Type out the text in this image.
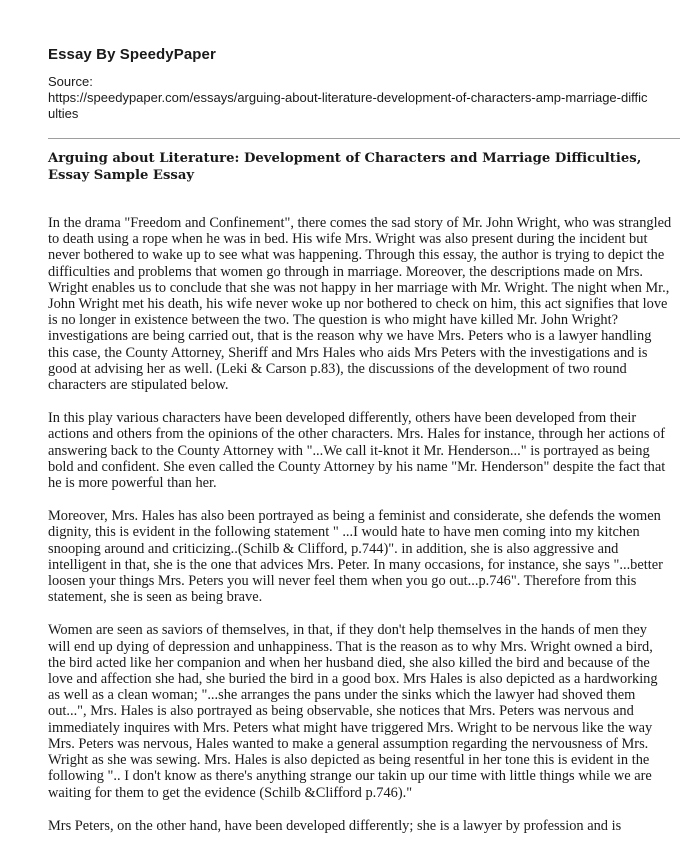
Essay By SpeedyPaper
Source:
https://speedypaper.com/essays/arguing-about-literature-development-of-characters-amp-marriage-difficulties
Arguing about Literature: Development of Characters and Marriage Difficulties, Essay Sample Essay

In the drama "Freedom and Confinement", there comes the sad story of Mr. John Wright, who was strangled to death using a rope when he was in bed. His wife Mrs. Wright was also present during the incident but never bothered to wake up to see what was happening. Through this essay, the author is trying to depict the difficulties and problems that women go through in marriage. Moreover, the descriptions made on Mrs. Wright enables us to conclude that she was not happy in her marriage with Mr. Wright. The night when Mr., John Wright met his death, his wife never woke up nor bothered to check on him, this act signifies that love is no longer in existence between the two. The question is who might have killed Mr. John Wright? investigations are being carried out, that is the reason why we have Mrs. Peters who is a lawyer handling this case, the County Attorney, Sheriff and Mrs Hales who aids Mrs Peters with the investigations and is good at advising her as well. (Leki & Carson p.83), the discussions of the development of two round characters are stipulated below.

In this play various characters have been developed differently, others have been developed from their actions and others from the opinions of the other characters. Mrs. Hales for instance, through her actions of answering back to the County Attorney with "...We call it-knot it Mr. Henderson..." is portrayed as being bold and confident. She even called the County Attorney by his name "Mr. Henderson" despite the fact that he is more powerful than her.

Moreover, Mrs. Hales has also been portrayed as being a feminist and considerate, she defends the women dignity, this is evident in the following statement " ...I would hate to have men coming into my kitchen snooping around and criticizing..(Schilb & Clifford, p.744)". in addition, she is also aggressive and intelligent in that, she is the one that advices Mrs. Peter. In many occasions, for instance, she says "...better loosen your things Mrs. Peters you will never feel them when you go out...p.746". Therefore from this statement, she is seen as being brave.

Women are seen as saviors of themselves, in that, if they don't help themselves in the hands of men they will end up dying of depression and unhappiness. That is the reason as to why Mrs. Wright owned a bird, the bird acted like her companion and when her husband died, she also killed the bird and because of the love and affection she had, she buried the bird in a good box. Mrs Hales is also depicted as a hardworking as well as a clean woman; "...she arranges the pans under the sinks which the lawyer had shoved them out...", Mrs. Hales is also portrayed as being observable, she notices that Mrs. Peters was nervous and immediately inquires with Mrs. Peters what might have triggered Mrs. Wright to be nervous like the way Mrs. Peters was nervous, Hales wanted to make a general assumption regarding the nervousness of Mrs. Wright as she was sewing. Mrs. Hales is also depicted as being resentful in her tone this is evident in the following ".. I don't know as there's anything strange our takin up our time with little things while we are waiting for them to get the evidence (Schilb &Clifford p.746)."

Mrs Peters, on the other hand, have been developed differently; she is a lawyer by profession and is
